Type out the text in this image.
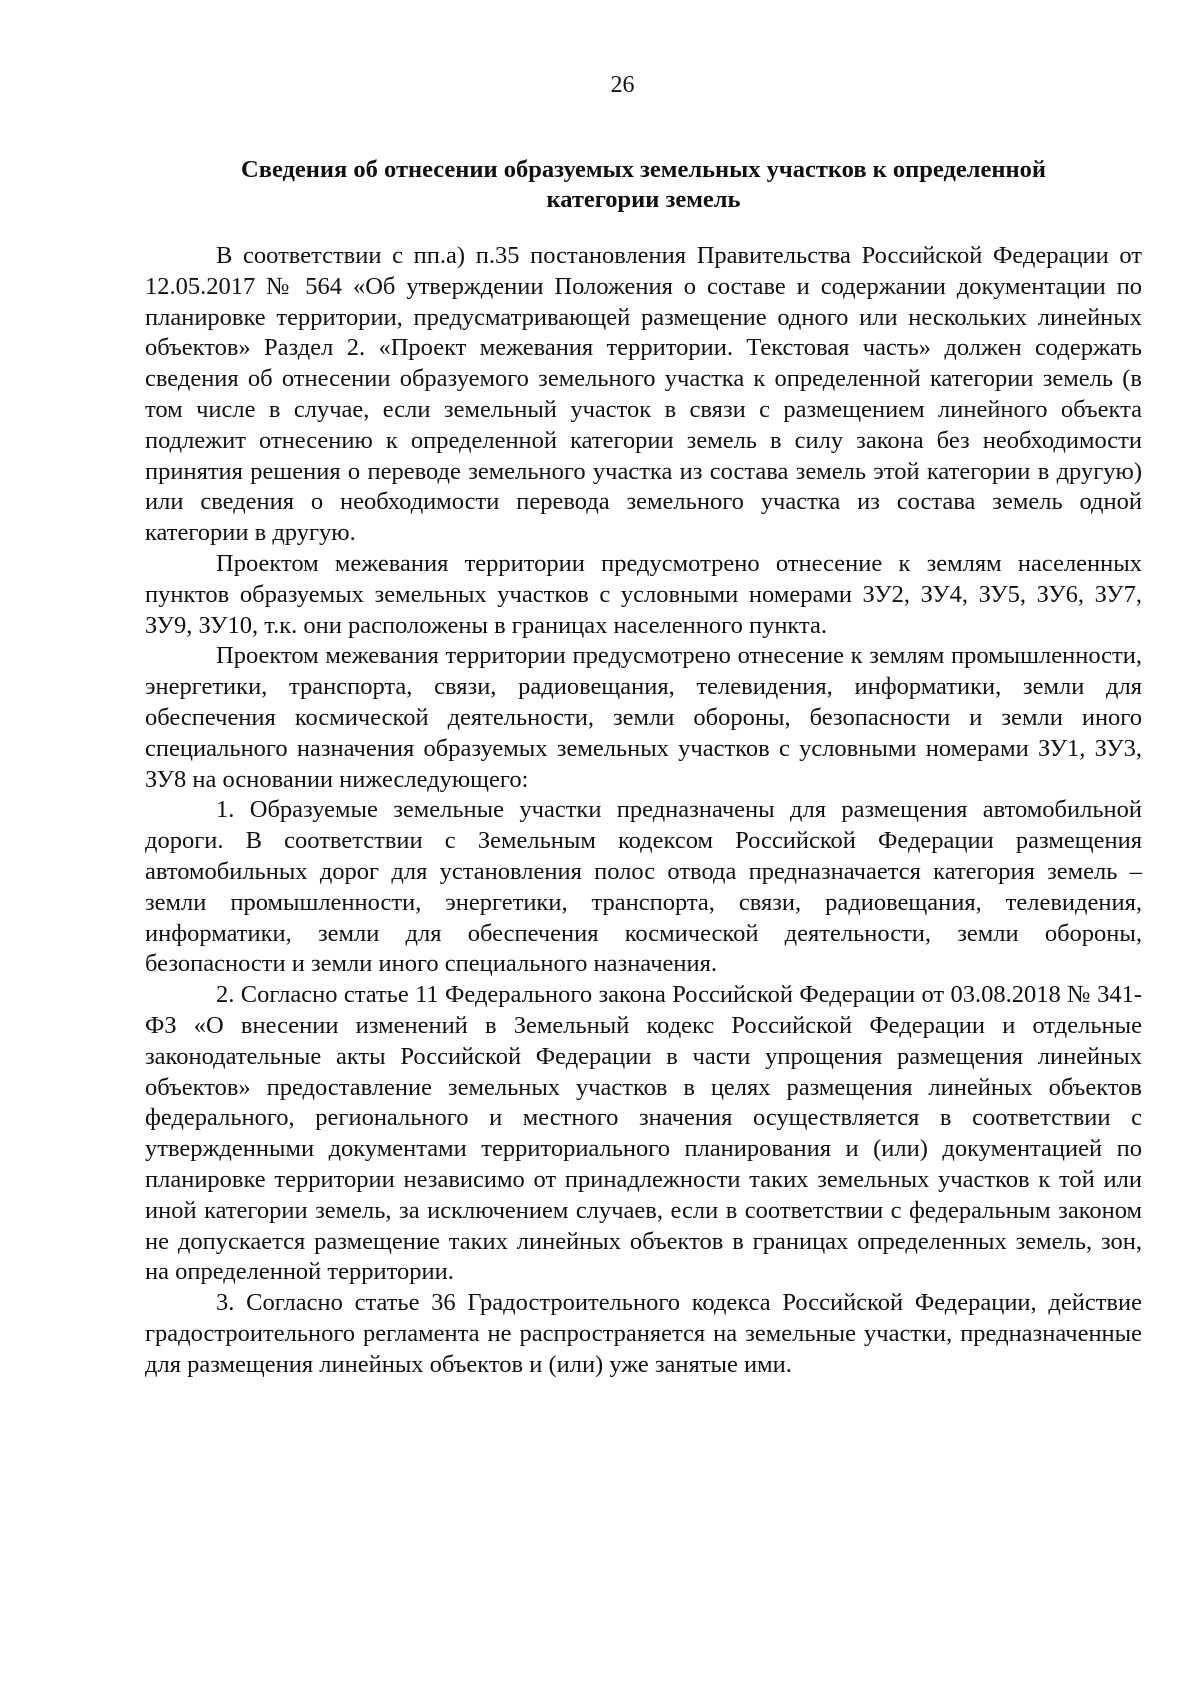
26
Сведения об отнесении образуемых земельных участков к определенной
категории земель

В соответствии с пп.а) п.35 постановления Правительства Российской Федерации от 12.05.2017 № 564 «Об утверждении Положения о составе и содержании документации по планировке территории, предусматривающей размещение одного или нескольких линейных объектов» Раздел 2. «Проект межевания территории. Текстовая часть» должен содержать сведения об отнесении образуемого земельного участка к определенной категории земель (в том числе в случае, если земельный участок в связи с размещением линейного объекта подлежит отнесению к определенной категории земель в силу закона без необходимости принятия решения о переводе земельного участка из состава земель этой категории в другую) или сведения о необходимости перевода земельного участка из состава земель одной категории в другую.

Проектом межевания территории предусмотрено отнесение к землям населенных пунктов образуемых земельных участков с условными номерами ЗУ2, ЗУ4, ЗУ5, ЗУ6, ЗУ7, ЗУ9, ЗУ10, т.к. они расположены в границах населенного пункта.

Проектом межевания территории предусмотрено отнесение к землям промышленности, энергетики, транспорта, связи, радиовещания, телевидения, информатики, земли для обеспечения космической деятельности, земли обороны, безопасности и земли иного специального назначения образуемых земельных участков с условными номерами ЗУ1, ЗУ3, ЗУ8 на основании нижеследующего:

1. Образуемые земельные участки предназначены для размещения автомобильной дороги. В соответствии с Земельным кодексом Российской Федерации размещения автомобильных дорог для установления полос отвода предназначается категория земель – земли промышленности, энергетики, транспорта, связи, радиовещания, телевидения, информатики, земли для обеспечения космической деятельности, земли обороны, безопасности и земли иного специального назначения.

2. Согласно статье 11 Федерального закона Российской Федерации от 03.08.2018 № 341-ФЗ «О внесении изменений в Земельный кодекс Российской Федерации и отдельные законодательные акты Российской Федерации в части упрощения размещения линейных объектов» предоставление земельных участков в целях размещения линейных объектов федерального, регионального и местного значения осуществляется в соответствии с утвержденными документами территориального планирования и (или) документацией по планировке территории независимо от принадлежности таких земельных участков к той или иной категории земель, за исключением случаев, если в соответствии с федеральным законом не допускается размещение таких линейных объектов в границах определенных земель, зон, на определенной территории.

3. Согласно статье 36 Градостроительного кодекса Российской Федерации, действие градостроительного регламента не распространяется на земельные участки, предназначенные для размещения линейных объектов и (или) уже занятые ими.
